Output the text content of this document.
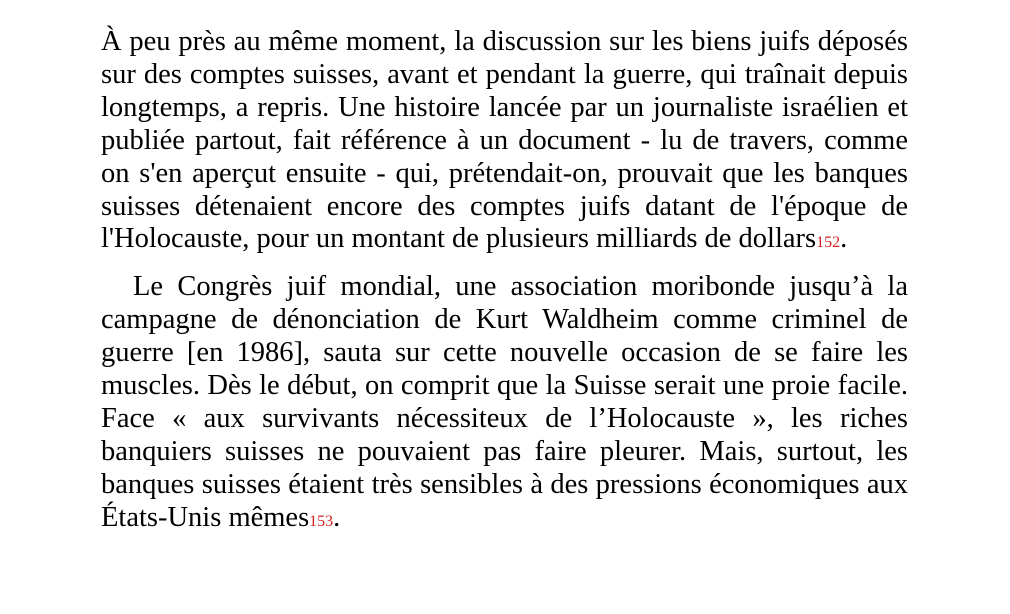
À peu près au même moment, la discussion sur les biens juifs déposés sur des comptes suisses, avant et pendant la guerre, qui traînait depuis longtemps, a repris. Une histoire lancée par un journaliste israélien et publiée partout, fait référence à un document - lu de travers, comme on s'en aperçut ensuite - qui, prétendait-on, prouvait que les banques suisses détenaient encore des comptes juifs datant de l'époque de l'Holocauste, pour un montant de plusieurs milliards de dollars152.

Le Congrès juif mondial, une association moribonde jusqu’à la campagne de dénonciation de Kurt Waldheim comme criminel de guerre [en 1986], sauta sur cette nouvelle occasion de se faire les muscles. Dès le début, on comprit que la Suisse serait une proie facile. Face « aux survivants nécessiteux de l’Holocauste », les riches banquiers suisses ne pouvaient pas faire pleurer. Mais, surtout, les banques suisses étaient très sensibles à des pressions économiques aux États-Unis mêmes153.
